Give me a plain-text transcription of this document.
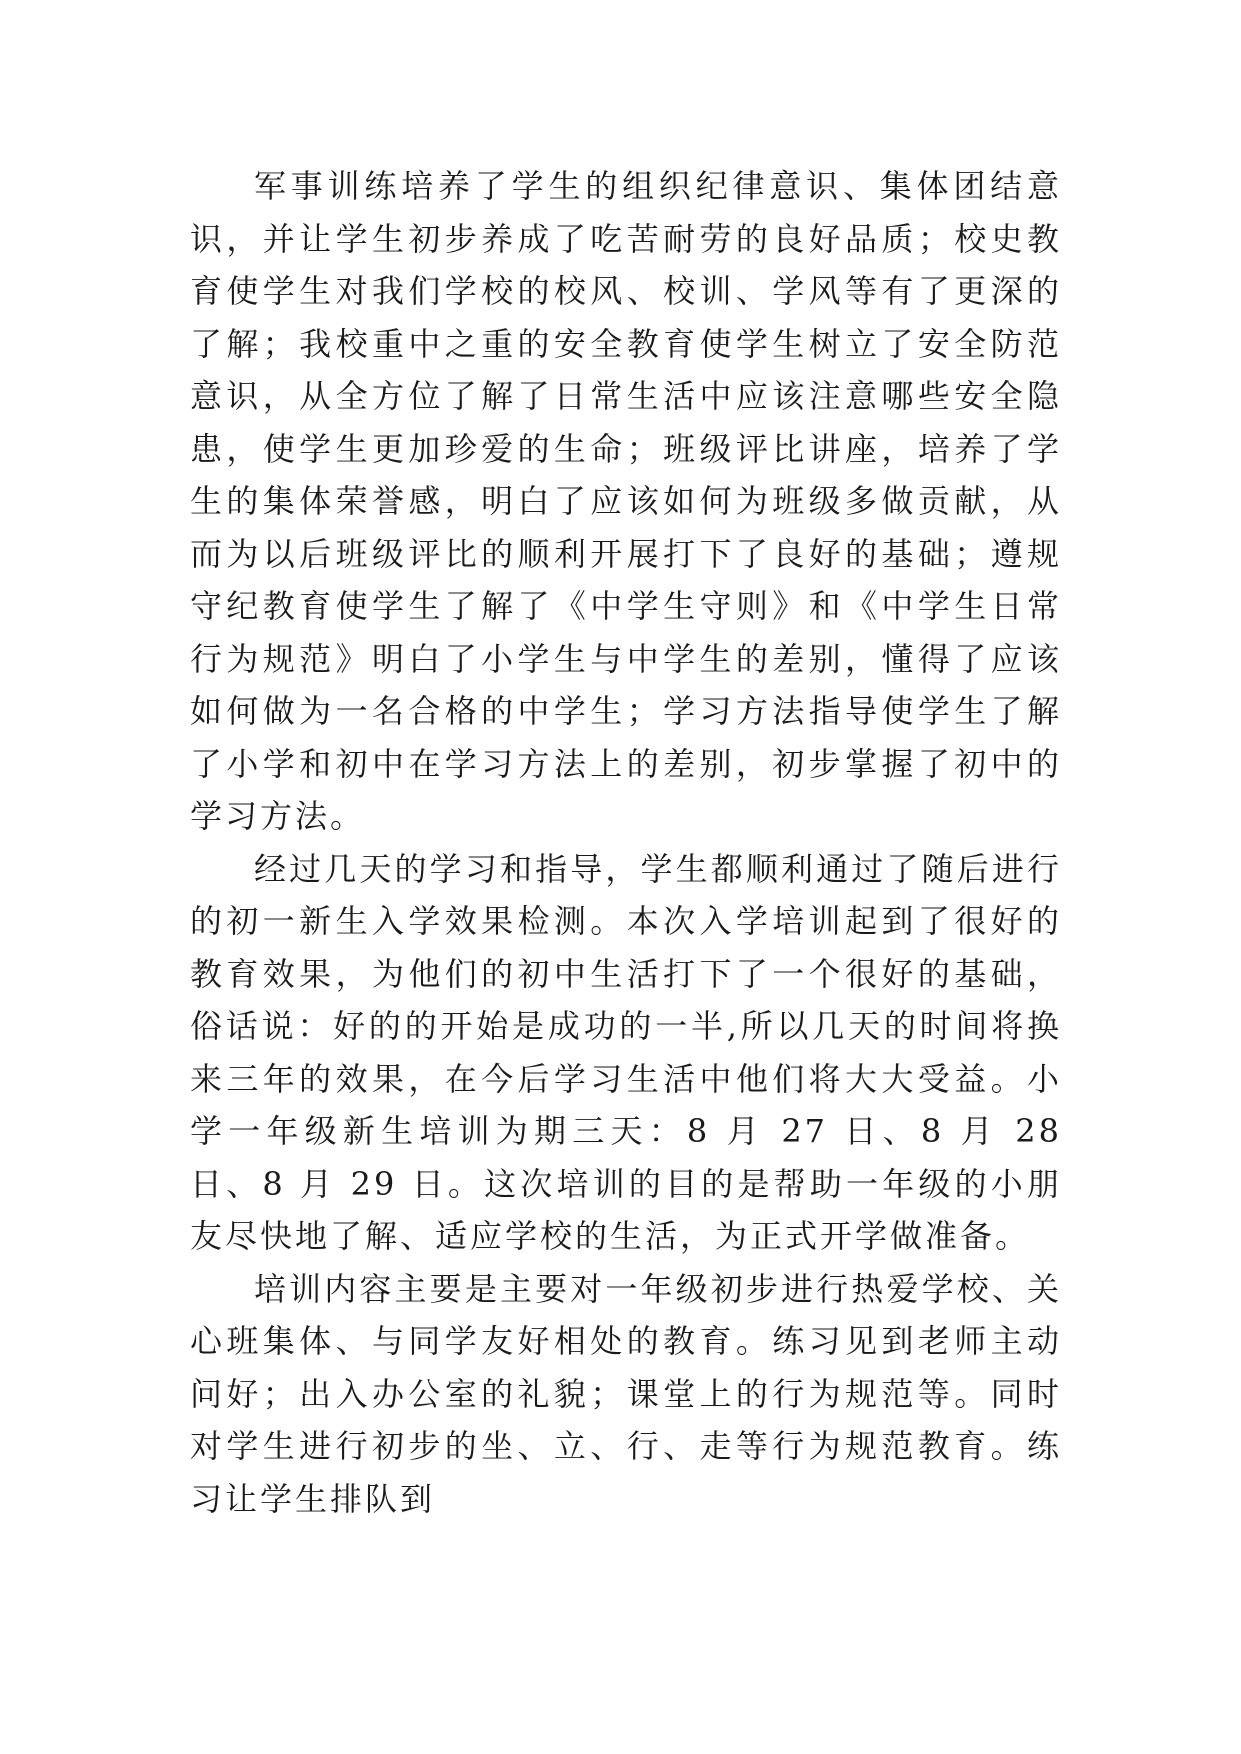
军事训练培养了学生的组织纪律意识、集体团结意识，并让学生初步养成了吃苦耐劳的良好品质；校史教育使学生对我们学校的校风、校训、学风等有了更深的了解；我校重中之重的安全教育使学生树立了安全防范意识，从全方位了解了日常生活中应该注意哪些安全隐患，使学生更加珍爱的生命；班级评比讲座，培养了学生的集体荣誉感，明白了应该如何为班级多做贡献，从而为以后班级评比的顺利开展打下了良好的基础；遵规守纪教育使学生了解了《中学生守则》和《中学生日常行为规范》明白了小学生与中学生的差别，懂得了应该如何做为一名合格的中学生；学习方法指导使学生了解了小学和初中在学习方法上的差别，初步掌握了初中的学习方法。

经过几天的学习和指导，学生都顺利通过了随后进行的初一新生入学效果检测。本次入学培训起到了很好的教育效果，为他们的初中生活打下了一个很好的基础，俗话说：好的的开始是成功的一半,所以几天的时间将换来三年的效果，在今后学习生活中他们将大大受益。小学一年级新生培训为期三天：8 月 27 日、8 月 28 日、8 月 29 日。这次培训的目的是帮助一年级的小朋友尽快地了解、适应学校的生活，为正式开学做准备。

培训内容主要是主要对一年级初步进行热爱学校、关心班集体、与同学友好相处的教育。练习见到老师主动问好；出入办公室的礼貌；课堂上的行为规范等。同时对学生进行初步的坐、立、行、走等行为规范教育。练习让学生排队到
